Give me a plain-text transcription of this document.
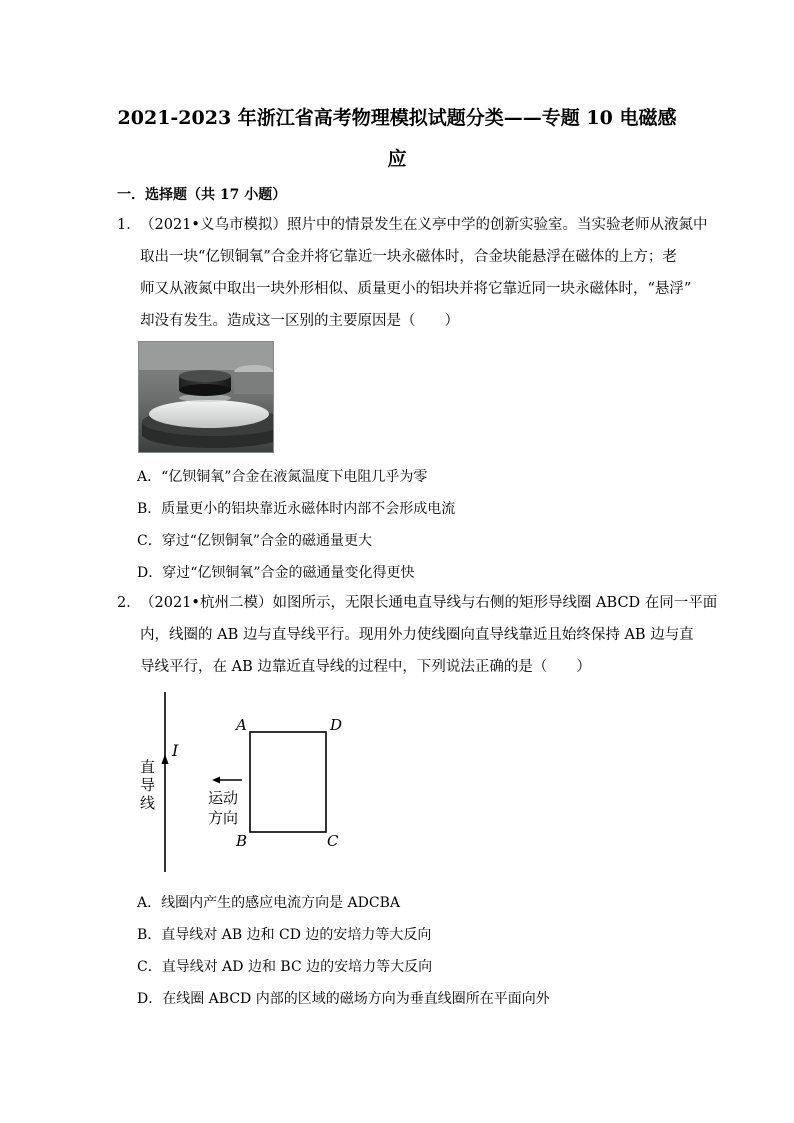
2021-2023 年浙江省高考物理模拟试题分类——专题 10 电磁感
应
一．选择题（共 17 小题）
1．（2021•义乌市模拟）照片中的情景发生在义亭中学的创新实验室。当实验老师从液氮中
取出一块“亿钡铜氧”合金并将它靠近一块永磁体时，合金块能悬浮在磁体的上方；老
师又从液氮中取出一块外形相似、质量更小的铝块并将它靠近同一块永磁体时，“悬浮”
却没有发生。造成这一区别的主要原因是（　　）
A．“亿钡铜氧”合金在液氮温度下电阻几乎为零
B．质量更小的铝块靠近永磁体时内部不会形成电流
C．穿过“亿钡铜氧”合金的磁通量更大
D．穿过“亿钡铜氧”合金的磁通量变化得更快
2．（2021•杭州二模）如图所示，无限长通电直导线与右侧的矩形导线圈 ABCD 在同一平面
内，线圈的 AB 边与直导线平行。现用外力使线圈向直导线靠近且始终保持 AB 边与直
导线平行，在 AB 边靠近直导线的过程中，下列说法正确的是（　　）
I
直
导
线
A	D
B	C
运动
方向
A．线圈内产生的感应电流方向是 ADCBA
B．直导线对 AB 边和 CD 边的安培力等大反向
C．直导线对 AD 边和 BC 边的安培力等大反向
D．在线圈 ABCD 内部的区域的磁场方向为垂直线圈所在平面向外
